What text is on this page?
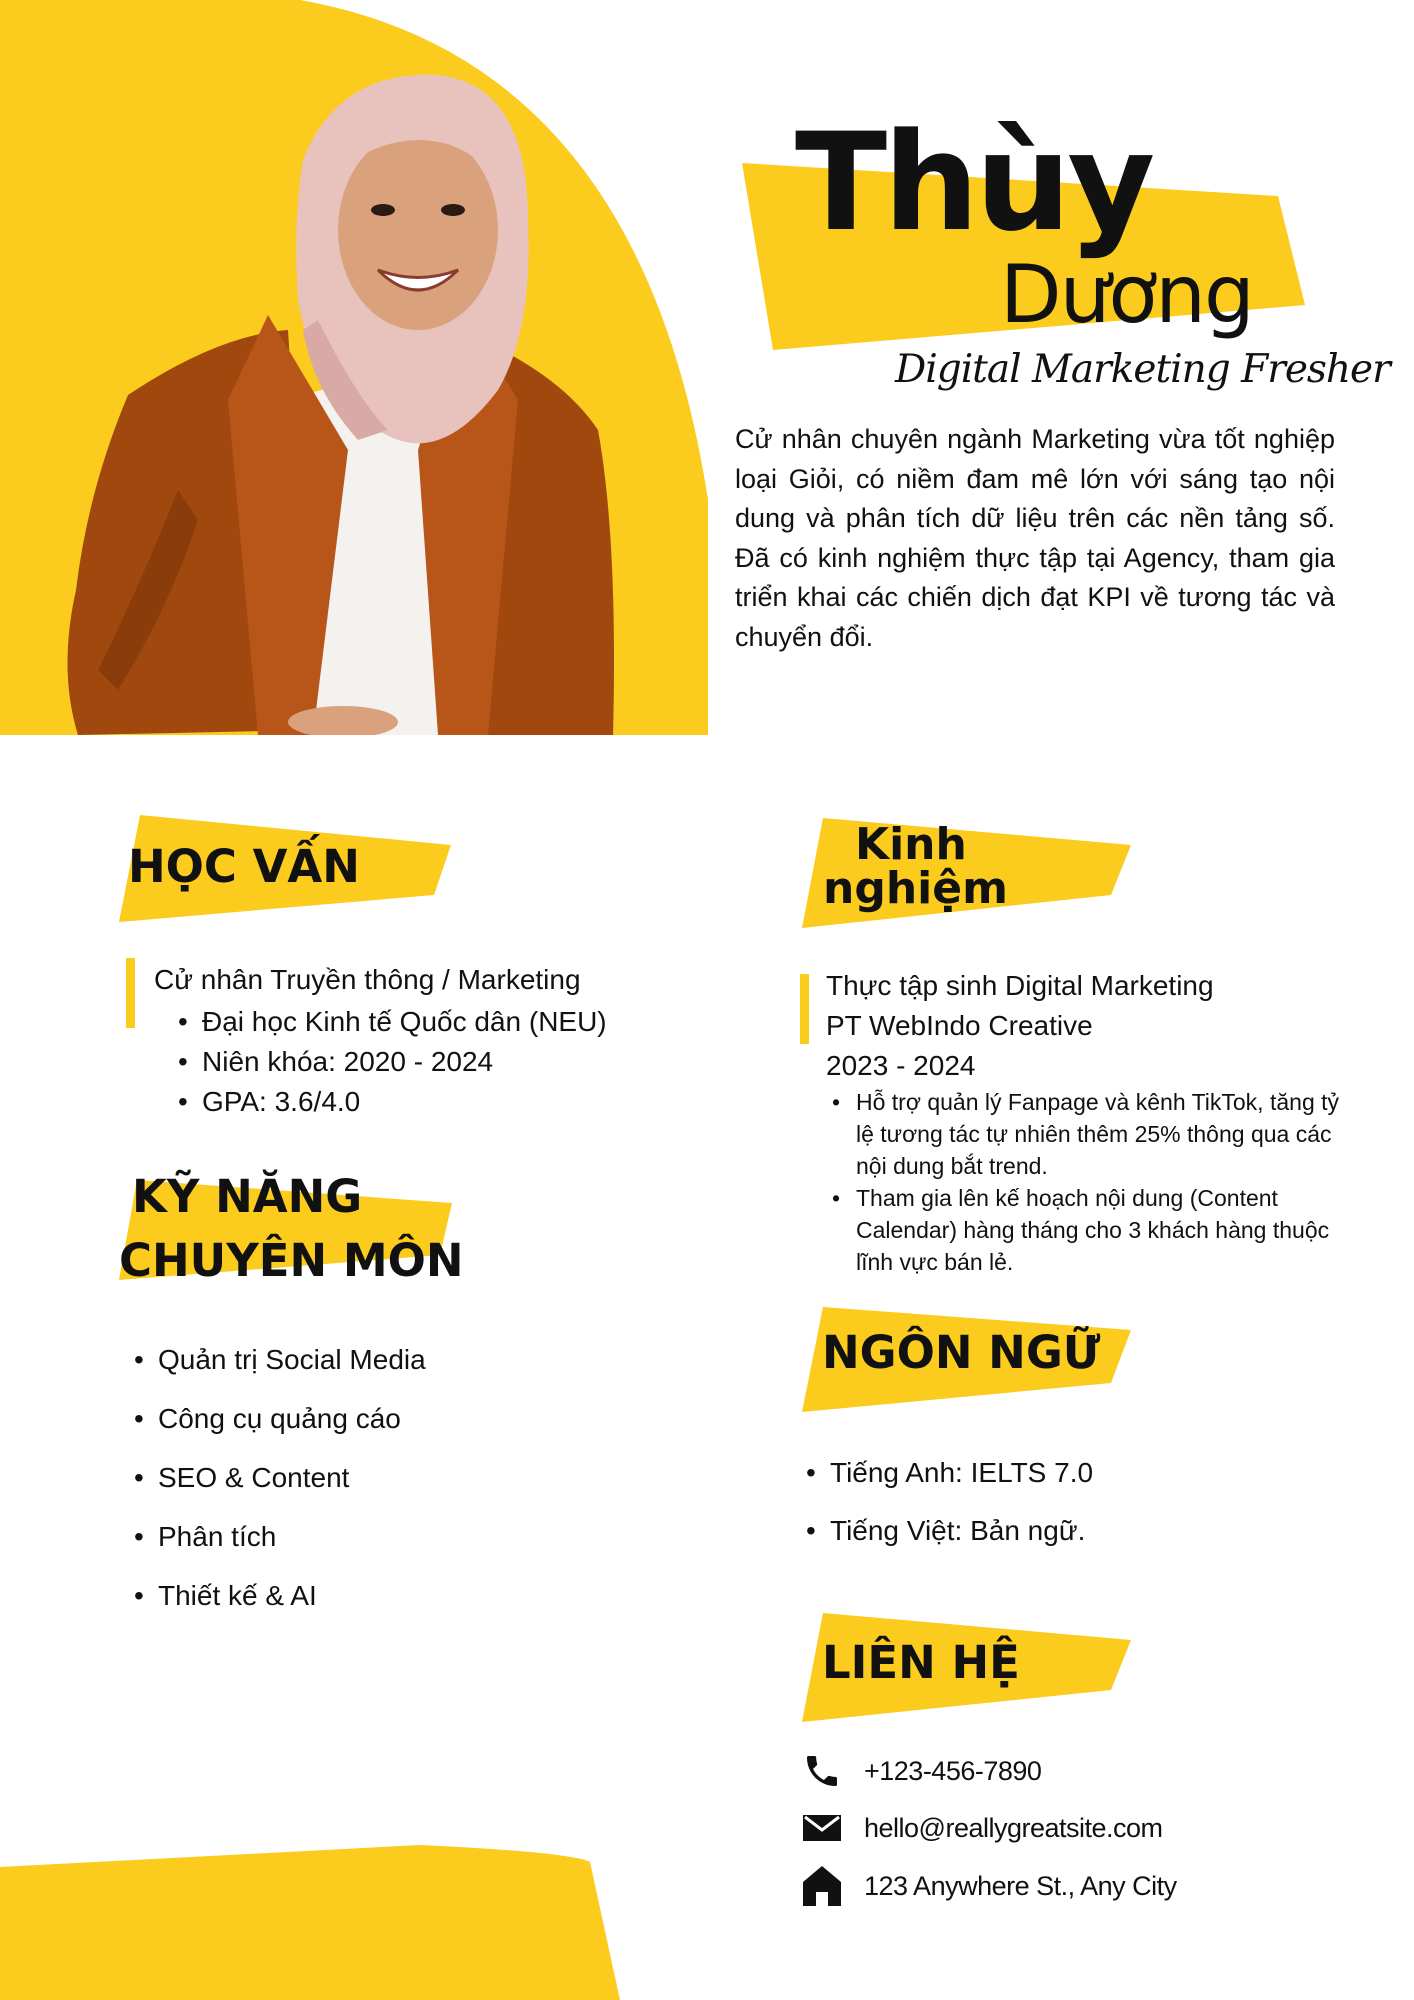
Thùy
Dương
Digital Marketing Fresher
Cử nhân chuyên ngành Marketing vừa tốt nghiệp loại Giỏi, có niềm đam mê lớn với sáng tạo nội dung và phân tích dữ liệu trên các nền tảng số. Đã có kinh nghiệm thực tập tại Agency, tham gia triển khai các chiến dịch đạt KPI về tương tác và chuyển đổi.
HỌC VẤN
Cử nhân Truyền thông / Marketing
• Đại học Kinh tế Quốc dân (NEU)
• Niên khóa: 2020 - 2024
• GPA: 3.6/4.0
KỸ NĂNG
CHUYÊN MÔN
• Quản trị Social Media
• Công cụ quảng cáo
• SEO & Content
• Phân tích
• Thiết kế & AI
Kinh
nghiệm
Thực tập sinh Digital Marketing
PT WebIndo Creative
2023 - 2024
• Hỗ trợ quản lý Fanpage và kênh TikTok, tăng tỷ lệ tương tác tự nhiên thêm 25% thông qua các nội dung bắt trend.
• Tham gia lên kế hoạch nội dung (Content Calendar) hàng tháng cho 3 khách hàng thuộc lĩnh vực bán lẻ.
NGÔN NGỮ
• Tiếng Anh: IELTS 7.0
• Tiếng Việt: Bản ngữ.
LIÊN HỆ
+123-456-7890
hello@reallygreatsite.com
123 Anywhere St., Any City
